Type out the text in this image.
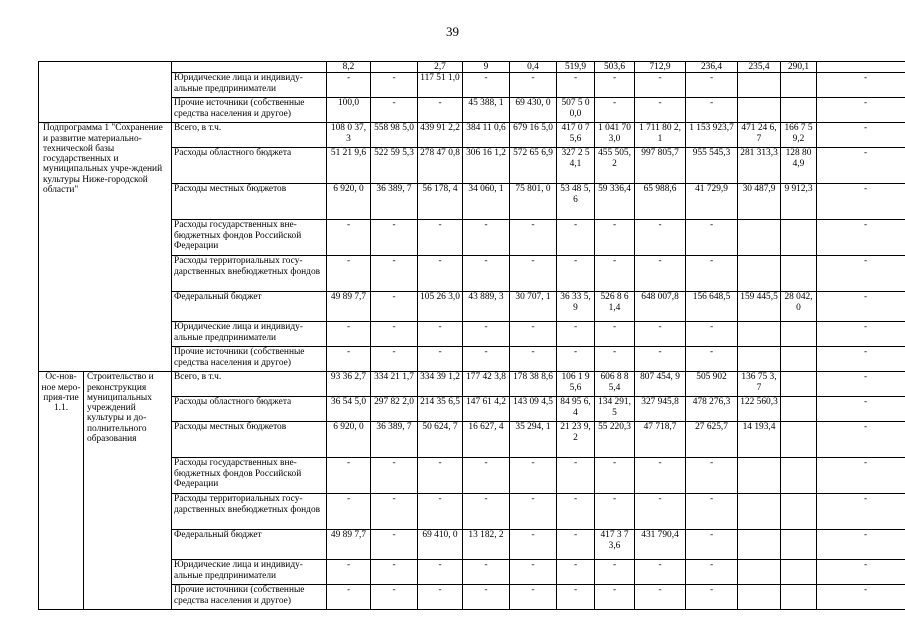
39
			8,2		2,7	9	0,4	519,9	503,6	712,9	236,4	235,4	290,1	
		Юридические лица и индивиду-альные предприниматели	-	-	117 51 1,0	-	-	-	-	-	-			-
		Прочие источники (собственные средства населения и другое)	100,0	-	-	45 388, 1	69 430, 0	507 5 00,0	-	-	-			-
Подпрограмма 1 "Сохранение и развитие материально-технической базы государственных и муниципальных учре-ждений культуры Ниже-городской области"		Всего, в т.ч.	108 0 37,3	558 98 5,0	439 91 2,2	384 11 0,6	679 16 5,0	417 0 75,6	1 041 703,0	1 711 80 2,1	1 153 923,7	471 24 6,7	166 7 59,2	-
		Расходы областного бюджета	51 21 9,6	522 59 5,3	278 47 0,8	306 16 1,2	572 65 6,9	327 2 54,1	455 505,2	997 805,7	955 545,3	281 313,3	128 804,9	-
		Расходы местных бюджетов	6 920, 0	36 389, 7	56 178, 4	34 060, 1	75 801, 0	53 48 5,6	59 336,4	65 988,6	41 729,9	30 487,9	9 912,3	-
		Расходы государственных вне-бюджетных фондов Российской Федерации	-	-	-	-	-	-	-	-	-			-
		Расходы территориальных госу-дарственных внебюджетных фондов	-	-	-	-	-	-	-	-	-			-
		Федеральный бюджет	49 89 7,7	-	105 26 3,0	43 889, 3	30 707, 1	36 33 5,9	526 8 61,4	648 007,8	156 648,5	159 445,5	28 042,0	-
		Юридические лица и индивиду-альные предприниматели	-	-	-	-	-	-	-	-	-			-
		Прочие источники (собственные средства населения и другое)	-	-	-	-	-	-	-	-	-			-
Ос-нов-ное меро-прия-тие 1.1.	Строительство и реконструкция муниципальных учреждений культуры и до-полнительного образования	Всего, в т.ч.	93 36 2,7	334 21 1,7	334 39 1,2	177 42 3,8	178 38 8,6	106 1 95,6	606 8 85,4	807 454, 9	505 902	136 75 3,7		-
		Расходы областного бюджета	36 54 5,0	297 82 2,0	214 35 6,5	147 61 4,2	143 09 4,5	84 95 6,4	134 291,5	327 945,8	478 276,3	122 560,3		-
		Расходы местных бюджетов	6 920, 0	36 389, 7	50 624, 7	16 627, 4	35 294, 1	21 23 9,2	55 220,3	47 718,7	27 625,7	14 193,4		-
		Расходы государственных вне-бюджетных фондов Российской Федерации	-	-	-	-	-	-	-	-	-			-
		Расходы территориальных госу-дарственных внебюджетных фондов	-	-	-	-	-	-	-	-	-			-
		Федеральный бюджет	49 89 7,7	-	69 410, 0	13 182, 2	-	-	417 3 73,6	431 790,4	-			-
		Юридические лица и индивиду-альные предприниматели	-	-	-	-	-	-	-	-	-			-
		Прочие источники (собственные средства населения и другое)	-	-	-	-	-	-	-	-	-			-
